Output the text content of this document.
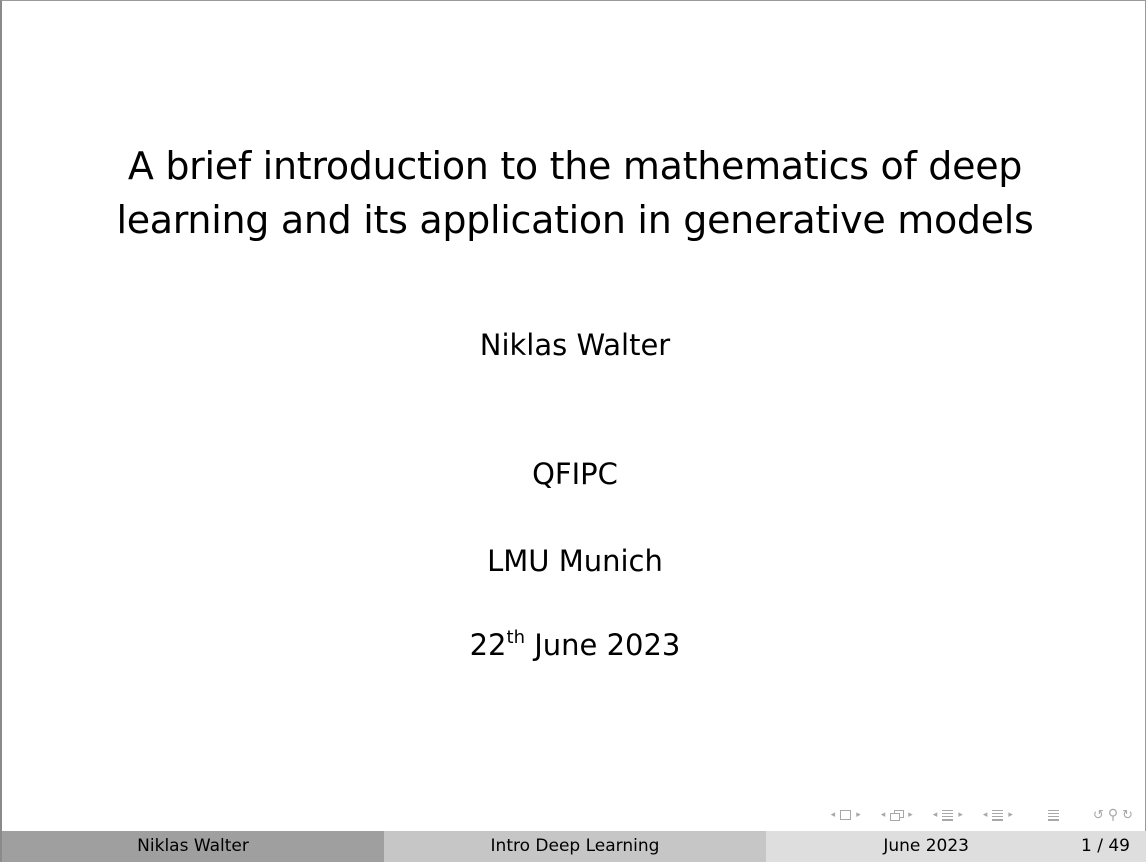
A brief introduction to the mathematics of deep
learning and its application in generative models
Niklas Walter
QFIPC
LMU Munich
22th June 2023
◂	▸	◂	▸	◂	▸	◂	▸	↺ ⚲ ↻
Niklas Walter	Intro Deep Learning	June 2023	1 / 49
